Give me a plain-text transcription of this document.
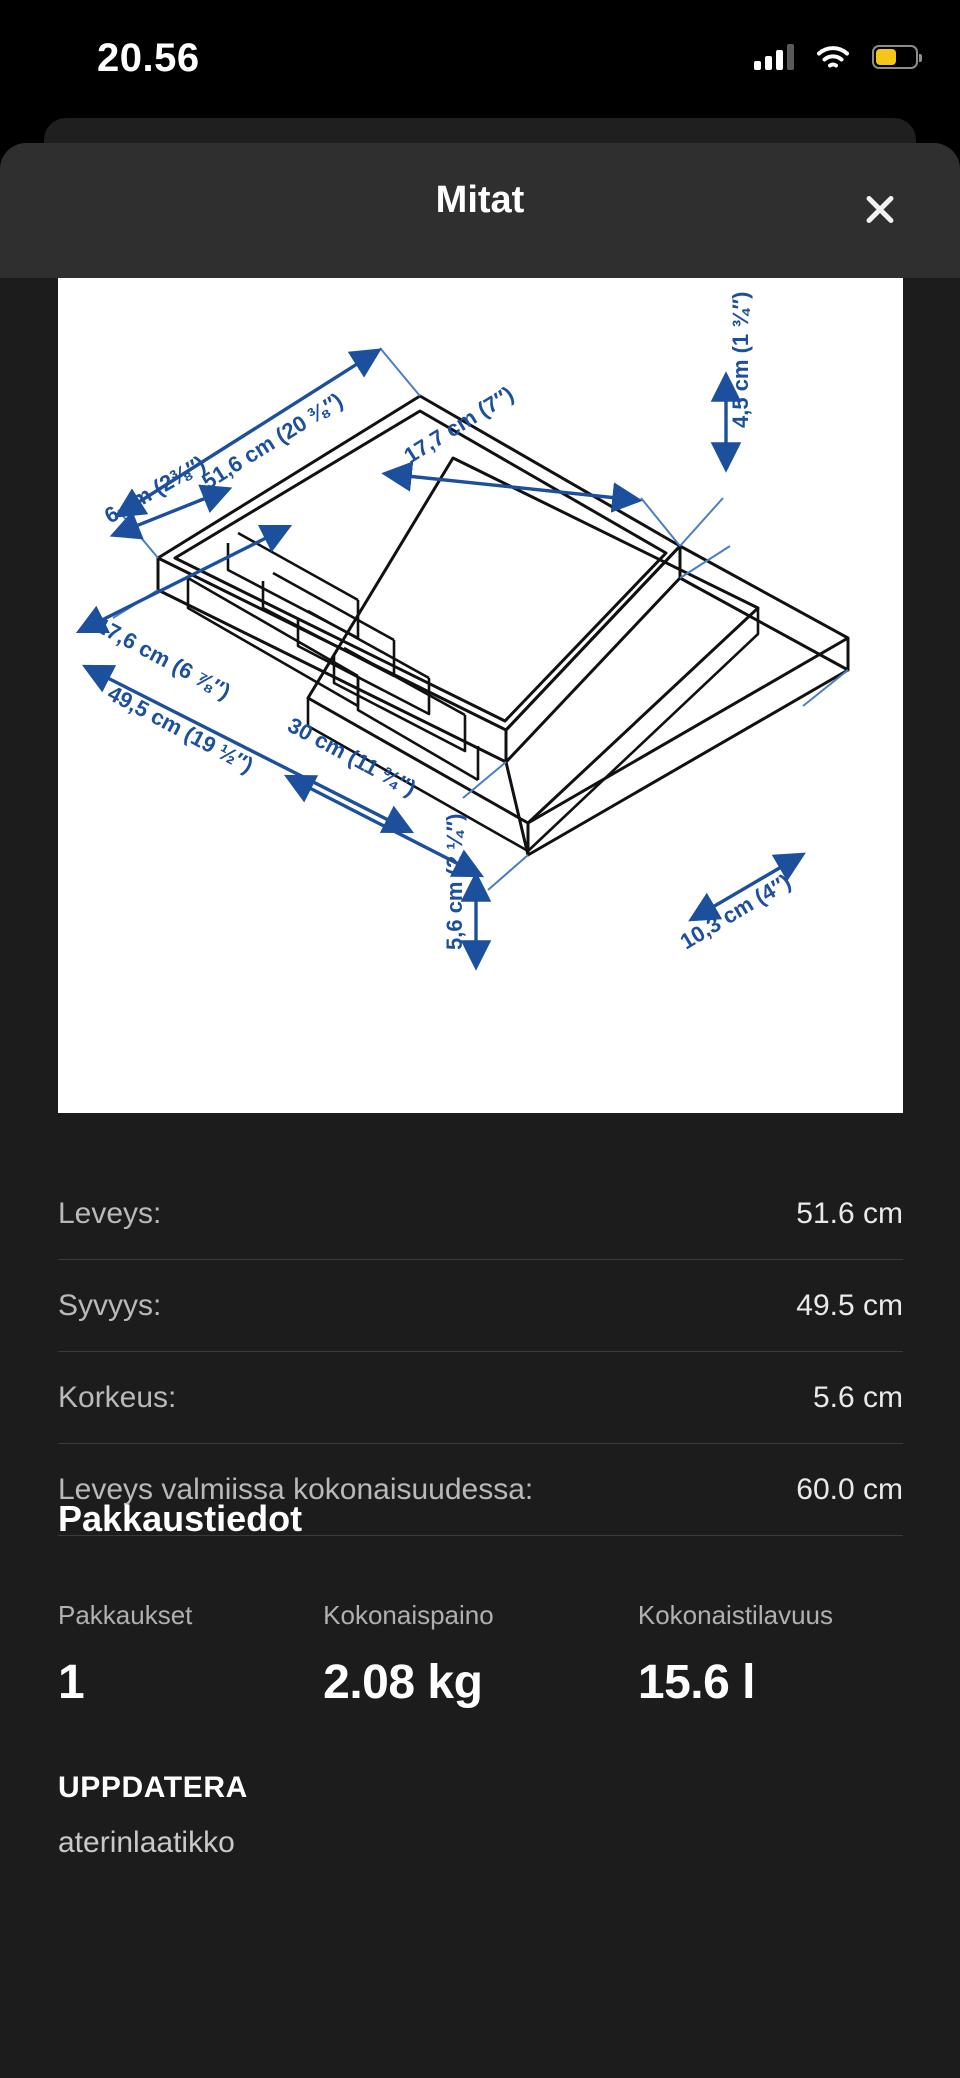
20.56
Mitat
51,6 cm (20 ⅜″) 17,7 cm (7″)	4,5 cm (1 ¾″)
6 cm (2⅜″)
17,6 cm (6 ⅞″)
49,5 cm (19 ½″) 30 cm (11 ¾″)
5,6 cm (2 ¼″)	10,3 cm (4″)
Leveys:	51.6 cm
Syvyys:	49.5 cm
Korkeus:	5.6 cm
Leveys valmiissa kokonaisuudessa:	60.0 cm
Pakkaustiedot
Pakkaukset
1
Kokonaispaino
2.08 kg
Kokonaistilavuus
15.6 l
UPPDATERA
aterinlaatikko
